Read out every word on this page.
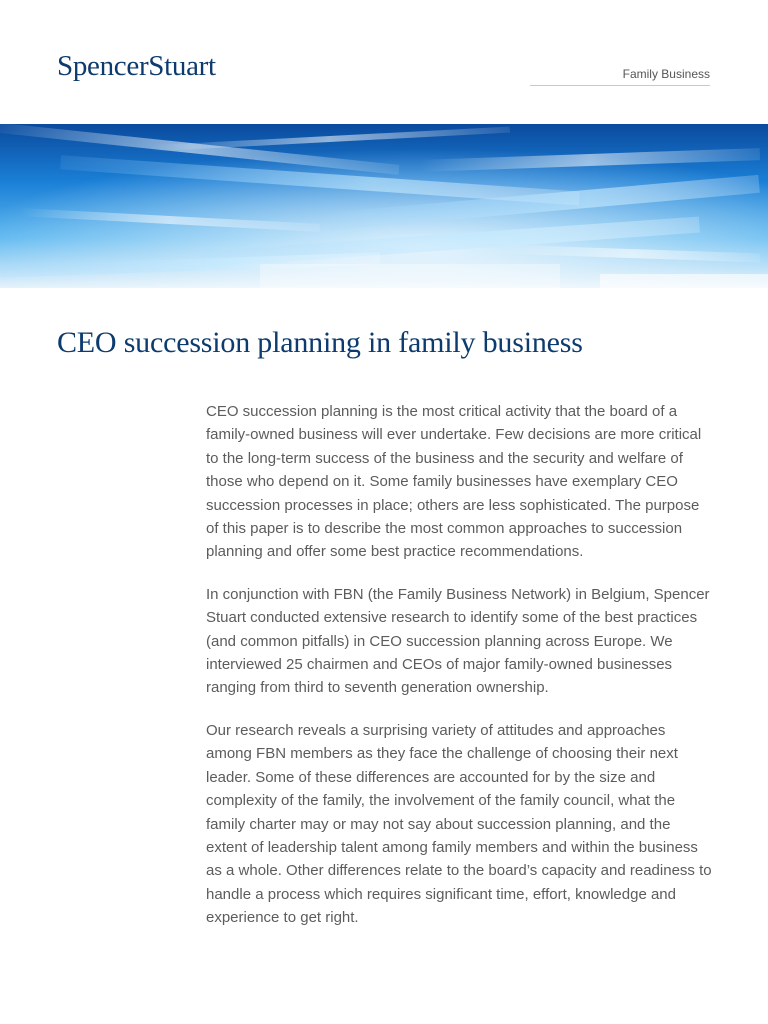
SpencerStuart	Family Business
CEO succession planning in family business

CEO succession planning is the most critical activity that the board of a family-owned business will ever undertake. Few decisions are more critical to the long-term success of the business and the security and welfare of those who depend on it. Some family businesses have exemplary CEO succession processes in place; others are less sophisticated. The purpose of this paper is to describe the most common approaches to succession planning and offer some best practice recommendations.

In conjunction with FBN (the Family Business Network) in Belgium, Spencer Stuart conducted extensive research to identify some of the best practices (and common pitfalls) in CEO succession planning across Europe. We interviewed 25 chairmen and CEOs of major family-owned businesses ranging from third to seventh generation ownership.

Our research reveals a surprising variety of attitudes and approaches among FBN members as they face the challenge of choosing their next leader. Some of these differences are accounted for by the size and complexity of the family, the involvement of the family council, what the family charter may or may not say about succession planning, and the extent of leadership talent among family members and within the business as a whole. Other differences relate to the board’s capacity and readiness to handle a process which requires significant time, effort, knowledge and experience to get right.
